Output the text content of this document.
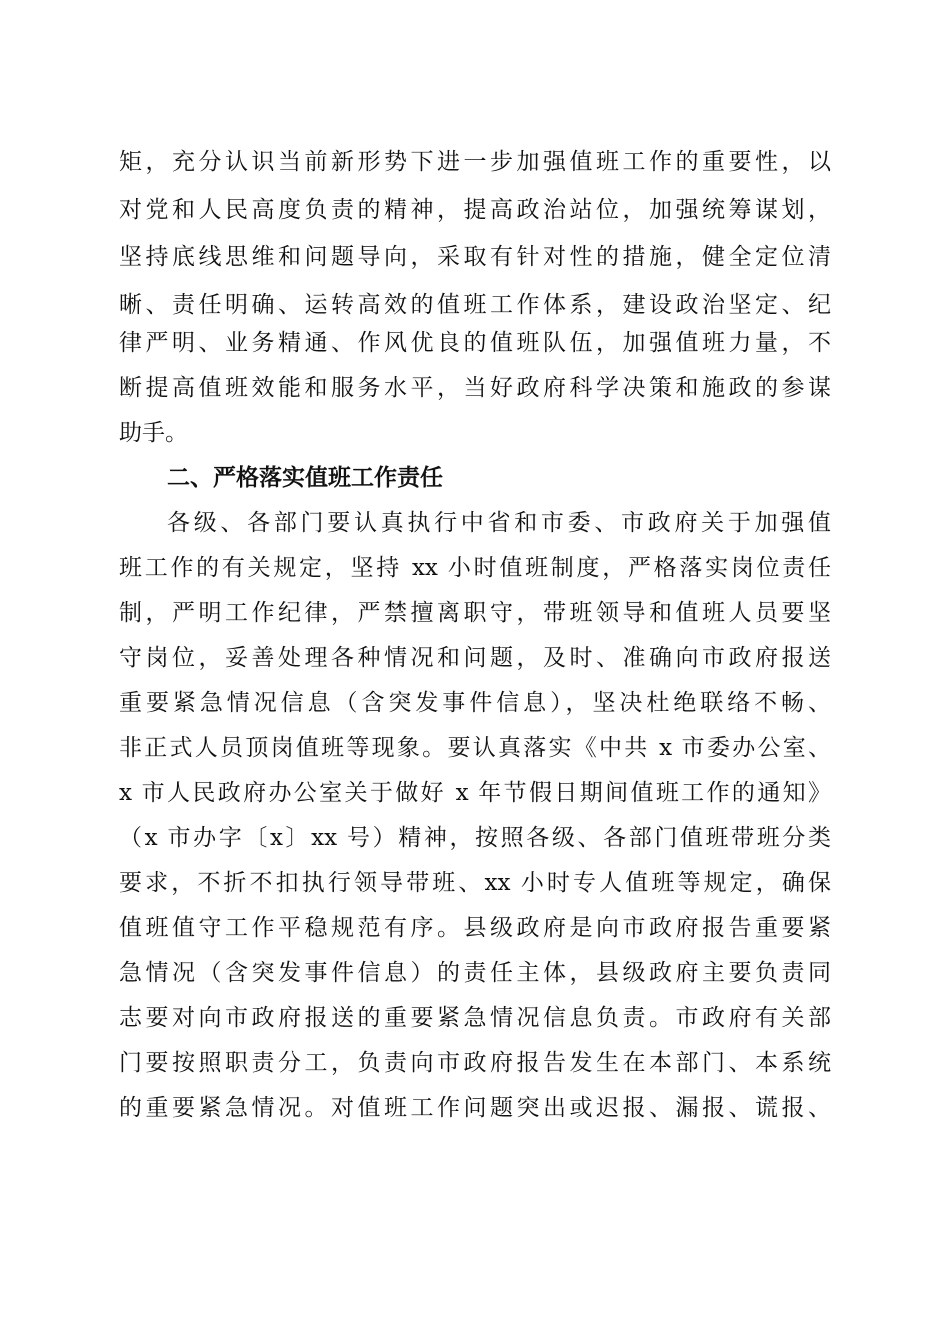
矩，充分认识当前新形势下进一步加强值班工作的重要性，以
对党和人民高度负责的精神，提高政治站位，加强统筹谋划，
坚持底线思维和问题导向，采取有针对性的措施，健全定位清
晰、责任明确、运转高效的值班工作体系，建设政治坚定、纪
律严明、业务精通、作风优良的值班队伍，加强值班力量，不
断提高值班效能和服务水平，当好政府科学决策和施政的参谋
助手。
二、严格落实值班工作责任
各级、各部门要认真执行中省和市委、市政府关于加强值
班工作的有关规定，坚持 xx 小时值班制度，严格落实岗位责任
制，严明工作纪律，严禁擅离职守，带班领导和值班人员要坚
守岗位，妥善处理各种情况和问题，及时、准确向市政府报送
重要紧急情况信息（含突发事件信息），坚决杜绝联络不畅、
非正式人员顶岗值班等现象。要认真落实《中共 x 市委办公室、
x 市人民政府办公室关于做好 x 年节假日期间值班工作的通知》
（x 市办字〔x〕xx 号）精神，按照各级、各部门值班带班分类
要求，不折不扣执行领导带班、xx 小时专人值班等规定，确保
值班值守工作平稳规范有序。县级政府是向市政府报告重要紧
急情况（含突发事件信息）的责任主体，县级政府主要负责同
志要对向市政府报送的重要紧急情况信息负责。市政府有关部
门要按照职责分工，负责向市政府报告发生在本部门、本系统
的重要紧急情况。对值班工作问题突出或迟报、漏报、谎报、
